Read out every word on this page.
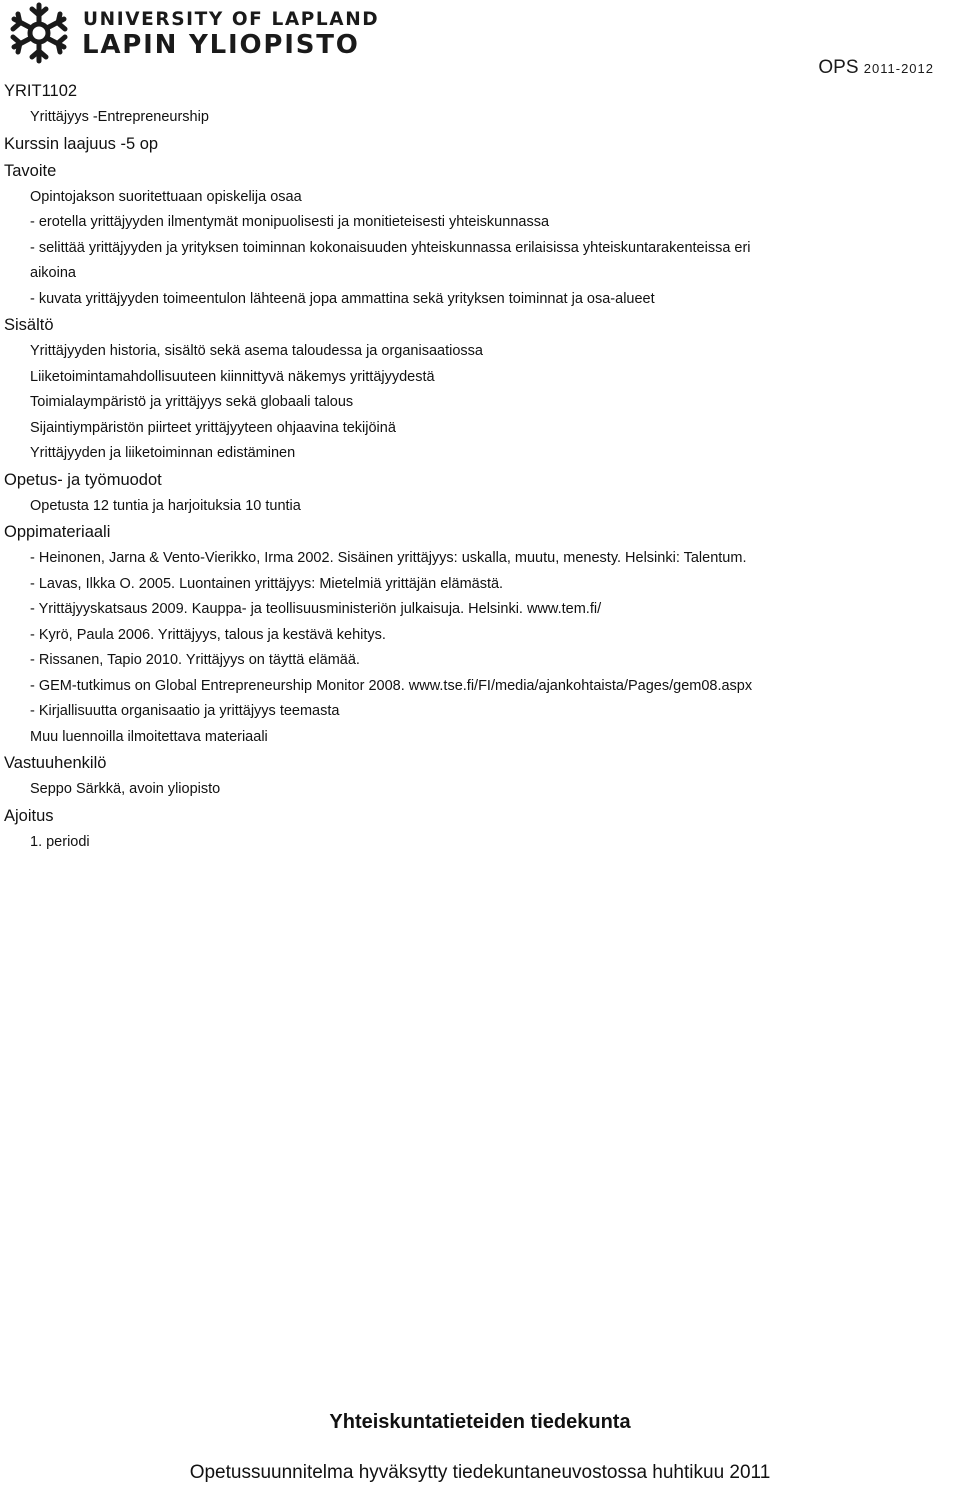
UNIVERSITY OF LAPLAND
LAPIN YLIOPISTO
OPS 2011-2012
YRIT1102
Yrittäjyys -Entrepreneurship
Kurssin laajuus -5 op
Tavoite
Opintojakson suoritettuaan opiskelija osaa
- erotella yrittäjyyden ilmentymät monipuolisesti ja monitieteisesti yhteiskunnassa
- selittää yrittäjyyden ja yrityksen toiminnan kokonaisuuden yhteiskunnassa erilaisissa yhteiskuntarakenteissa eri
aikoina
- kuvata yrittäjyyden toimeentulon lähteenä jopa ammattina sekä yrityksen toiminnat ja osa-alueet
Sisältö
Yrittäjyyden historia, sisältö sekä asema taloudessa ja organisaatiossa
Liiketoimintamahdollisuuteen kiinnittyvä näkemys yrittäjyydestä
Toimialaympäristö ja yrittäjyys sekä globaali talous
Sijaintiympäristön piirteet yrittäjyyteen ohjaavina tekijöinä
Yrittäjyyden ja liiketoiminnan edistäminen
Opetus- ja työmuodot
Opetusta 12 tuntia ja harjoituksia 10 tuntia
Oppimateriaali
- Heinonen, Jarna & Vento-Vierikko, Irma 2002. Sisäinen yrittäjyys: uskalla, muutu, menesty. Helsinki: Talentum.
- Lavas, Ilkka O. 2005. Luontainen yrittäjyys: Mietelmiä yrittäjän elämästä.
- Yrittäjyyskatsaus 2009. Kauppa- ja teollisuusministeriön julkaisuja. Helsinki. www.tem.fi/
- Kyrö, Paula 2006. Yrittäjyys, talous ja kestävä kehitys.
- Rissanen, Tapio 2010. Yrittäjyys on täyttä elämää.
- GEM-tutkimus on Global Entrepreneurship Monitor 2008. www.tse.fi/FI/media/ajankohtaista/Pages/gem08.aspx
- Kirjallisuutta organisaatio ja yrittäjyys teemasta
Muu luennoilla ilmoitettava materiaali
Vastuuhenkilö
Seppo Särkkä, avoin yliopisto
Ajoitus
1. periodi
Yhteiskuntatieteiden tiedekunta
Opetussuunnitelma hyväksytty tiedekuntaneuvostossa huhtikuu 2011
